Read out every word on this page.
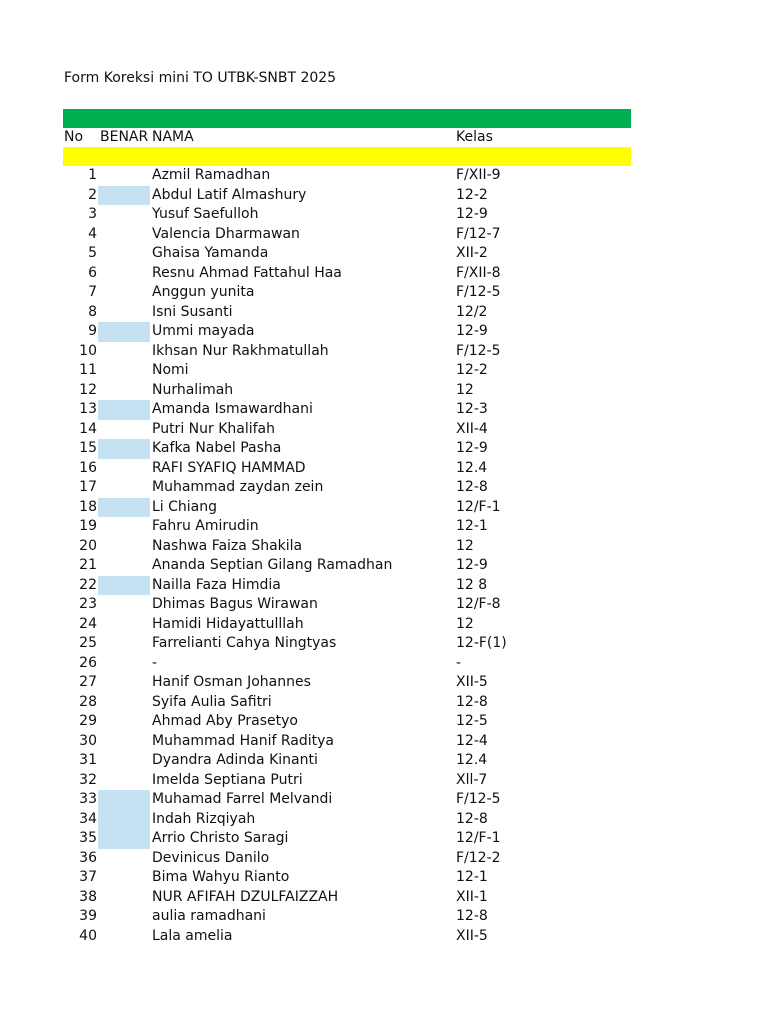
Form Koreksi mini TO UTBK-SNBT 2025
No BENAR NAMA	Kelas
1	Azmil Ramadhan	F/XII-9
2	Abdul Latif Almashury	12-2
3	Yusuf Saefulloh	12-9
4	Valencia Dharmawan	F/12-7
5	Ghaisa Yamanda	XII-2
6	Resnu Ahmad Fattahul Haa	F/XII-8
7	Anggun yunita	F/12-5
8	Isni Susanti	12/2
9	Ummi mayada	12-9
10	Ikhsan Nur Rakhmatullah	F/12-5
11	Nomi	12-2
12	Nurhalimah	12
13	Amanda Ismawardhani	12-3
14	Putri Nur Khalifah	XII-4
15	Kafka Nabel Pasha	12-9
16	RAFI SYAFIQ HAMMAD	12.4
17	Muhammad zaydan zein	12-8
18	Li Chiang	12/F-1
19	Fahru Amirudin	12-1
20	Nashwa Faiza Shakila	12
21	Ananda Septian Gilang Ramadhan	12-9
22	Nailla Faza Himdia	12 8
23	Dhimas Bagus Wirawan	12/F-8
24	Hamidi Hidayattulllah	12
25	Farrelianti Cahya Ningtyas	12-F(1)
26	-	-
27	Hanif Osman Johannes	XII-5
28	Syifa Aulia Safitri	12-8
29	Ahmad Aby Prasetyo	12-5
30	Muhammad Hanif Raditya	12-4
31	Dyandra Adinda Kinanti	12.4
32	Imelda Septiana Putri	Xll-7
33	Muhamad Farrel Melvandi	F/12-5
34	Indah Rizqiyah	12-8
35	Arrio Christo Saragi	12/F-1
36	Devinicus Danilo	F/12-2
37	Bima Wahyu Rianto	12-1
38	NUR AFIFAH DZULFAIZZAH	XII-1
39	aulia ramadhani	12-8
40	Lala amelia	XII-5
